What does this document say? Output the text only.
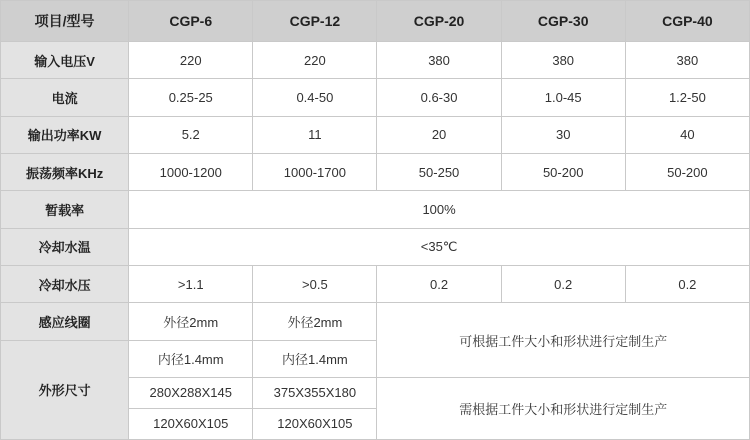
项目/型号	CGP-6	CGP-12	CGP-20	CGP-30	CGP-40
输入电压V	220	220	380	380	380
电流	0.25-25	0.4-50	0.6-30	1.0-45	1.2-50
输出功率KW	5.2	11	20	30	40
振荡频率KHz	1000-1200	1000-1700	50-250	50-200	50-200
暂载率	100%				
冷却水温	<35℃				
冷却水压	>1.1	>0.5	0.2	0.2	0.2
感应线圈	外径2mm	外径2mm	可根据工件大小和形状进行定制生产		
外形尺寸	内径1.4mm	内径1.4mm			
	280X288X145	375X355X180	需根据工件大小和形状进行定制生产		
	120X60X105	120X60X105			
